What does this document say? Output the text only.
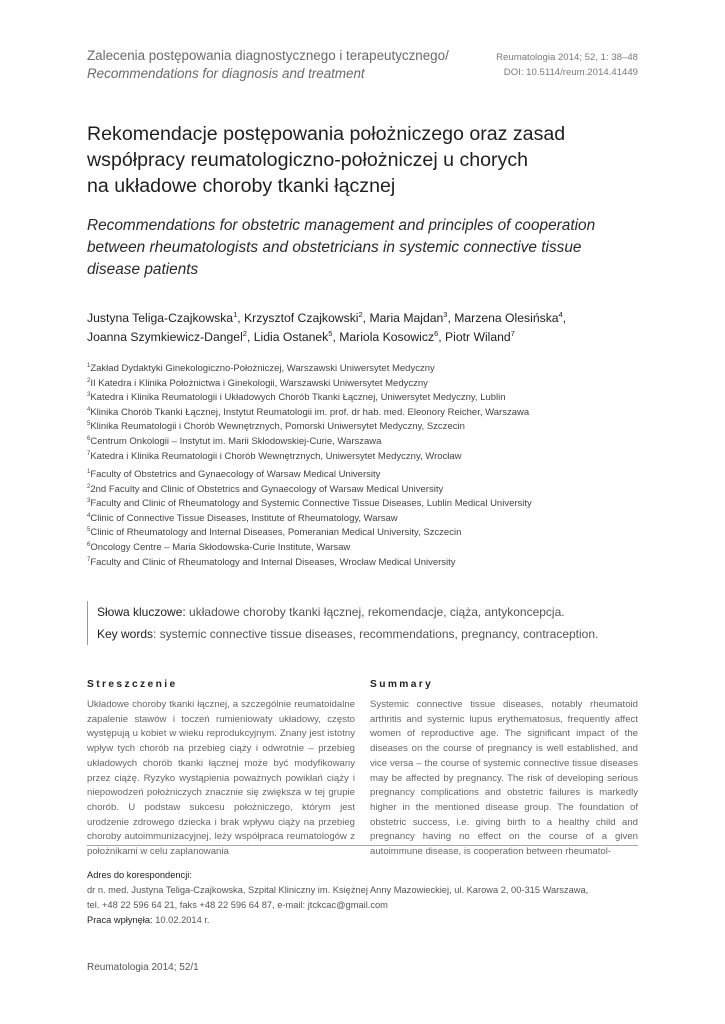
Zalecenia postępowania diagnostycznego i terapeutycznego/
Recommendations for diagnosis and treatment
Reumatologia 2014; 52, 1: 38–48
DOI: 10.5114/reum.2014.41449
Rekomendacje postępowania położniczego oraz zasad
współpracy reumatologiczno-położniczej u chorych
na układowe choroby tkanki łącznej
Recommendations for obstetric management and principles of cooperation
between rheumatologists and obstetricians in systemic connective tissue
disease patients
Justyna Teliga-Czajkowska$^1$, Krzysztof Czajkowski$^2$, Maria Majdan$^3$, Marzena Olesińska$^4$,
Joanna Szymkiewicz-Dangel$^2$, Lidia Ostanek$^5$, Mariola Kosowicz$^6$, Piotr Wiland$^7$
$^1$Zakład Dydaktyki Ginekologiczno-Położniczej, Warszawski Uniwersytet Medyczny
$^2$II Katedra i Klinika Położnictwa i Ginekologii, Warszawski Uniwersytet Medyczny
$^3$Katedra i Klinika Reumatologii i Układowych Chorób Tkanki Łącznej, Uniwersytet Medyczny, Lublin
$^4$Klinika Chorób Tkanki Łącznej, Instytut Reumatologii im. prof. dr hab. med. Eleonory Reicher, Warszawa
$^5$Klinika Reumatologii i Chorób Wewnętrznych, Pomorski Uniwersytet Medyczny, Szczecin
$^6$Centrum Onkologii – Instytut im. Marii Skłodowskiej-Curie, Warszawa
$^7$Katedra i Klinika Reumatologii i Chorób Wewnętrznych, Uniwersytet Medyczny, Wrocław
$^1$Faculty of Obstetrics and Gynaecology of Warsaw Medical University
$^2$2nd Faculty and Clinic of Obstetrics and Gynaecology of Warsaw Medical University
$^3$Faculty and Clinic of Rheumatology and Systemic Connective Tissue Diseases, Lublin Medical University
$^4$Clinic of Connective Tissue Diseases, Institute of Rheumatology, Warsaw
$^5$Clinic of Rheumatology and Internal Diseases, Pomeranian Medical University, Szczecin
$^6$Oncology Centre – Maria Skłodowska-Curie Institute, Warsaw
$^7$Faculty and Clinic of Rheumatology and Internal Diseases, Wrocław Medical University
Słowa kluczowe: układowe choroby tkanki łącznej, rekomendacje, ciąża, antykoncepcja.
Key words: systemic connective tissue diseases, recommendations, pregnancy, contraception.
Streszczenie

Układowe choroby tkanki łącznej, a szczególnie reumatoidalne zapalenie stawów i toczeń rumieniowaty układowy, często występują u kobiet w wieku reprodukcyjnym. Znany jest istotny wpływ tych chorób na przebieg ciąży i odwrotnie – przebieg układowych chorób tkanki łącznej może być modyfikowany przez ciążę. Ryzyko wystąpienia poważnych powikłań ciąży i niepowodzeń położniczych znacznie się zwiększa w tej grupie chorób. U podstaw sukcesu położniczego, którym jest urodzenie zdrowego dziecka i brak wpływu ciąży na przebieg choroby autoimmunizacyjnej, leży współpraca reumatologów z położnikami w celu zaplanowania

Summary

Systemic connective tissue diseases, notably rheumatoid arthritis and systemic lupus erythematosus, frequently affect women of reproductive age. The significant impact of the diseases on the course of pregnancy is well established, and vice versa – the course of systemic connective tissue diseases may be affected by pregnancy. The risk of developing serious pregnancy complications and obstetric failures is markedly higher in the mentioned disease group. The foundation of obstetric success, i.e. giving birth to a healthy child and pregnancy having no effect on the course of a given autoimmune disease, is cooperation between rheumatol-

Adres do korespondencji:
dr n. med. Justyna Teliga-Czajkowska, Szpital Kliniczny im. Księżnej Anny Mazowieckiej, ul. Karowa 2, 00-315 Warszawa,
tel. +48 22 596 64 21, faks +48 22 596 64 87, e-mail: jtckcac@gmail.com
Praca wpłynęła: 10.02.2014 r.
Reumatologia 2014; 52/1
